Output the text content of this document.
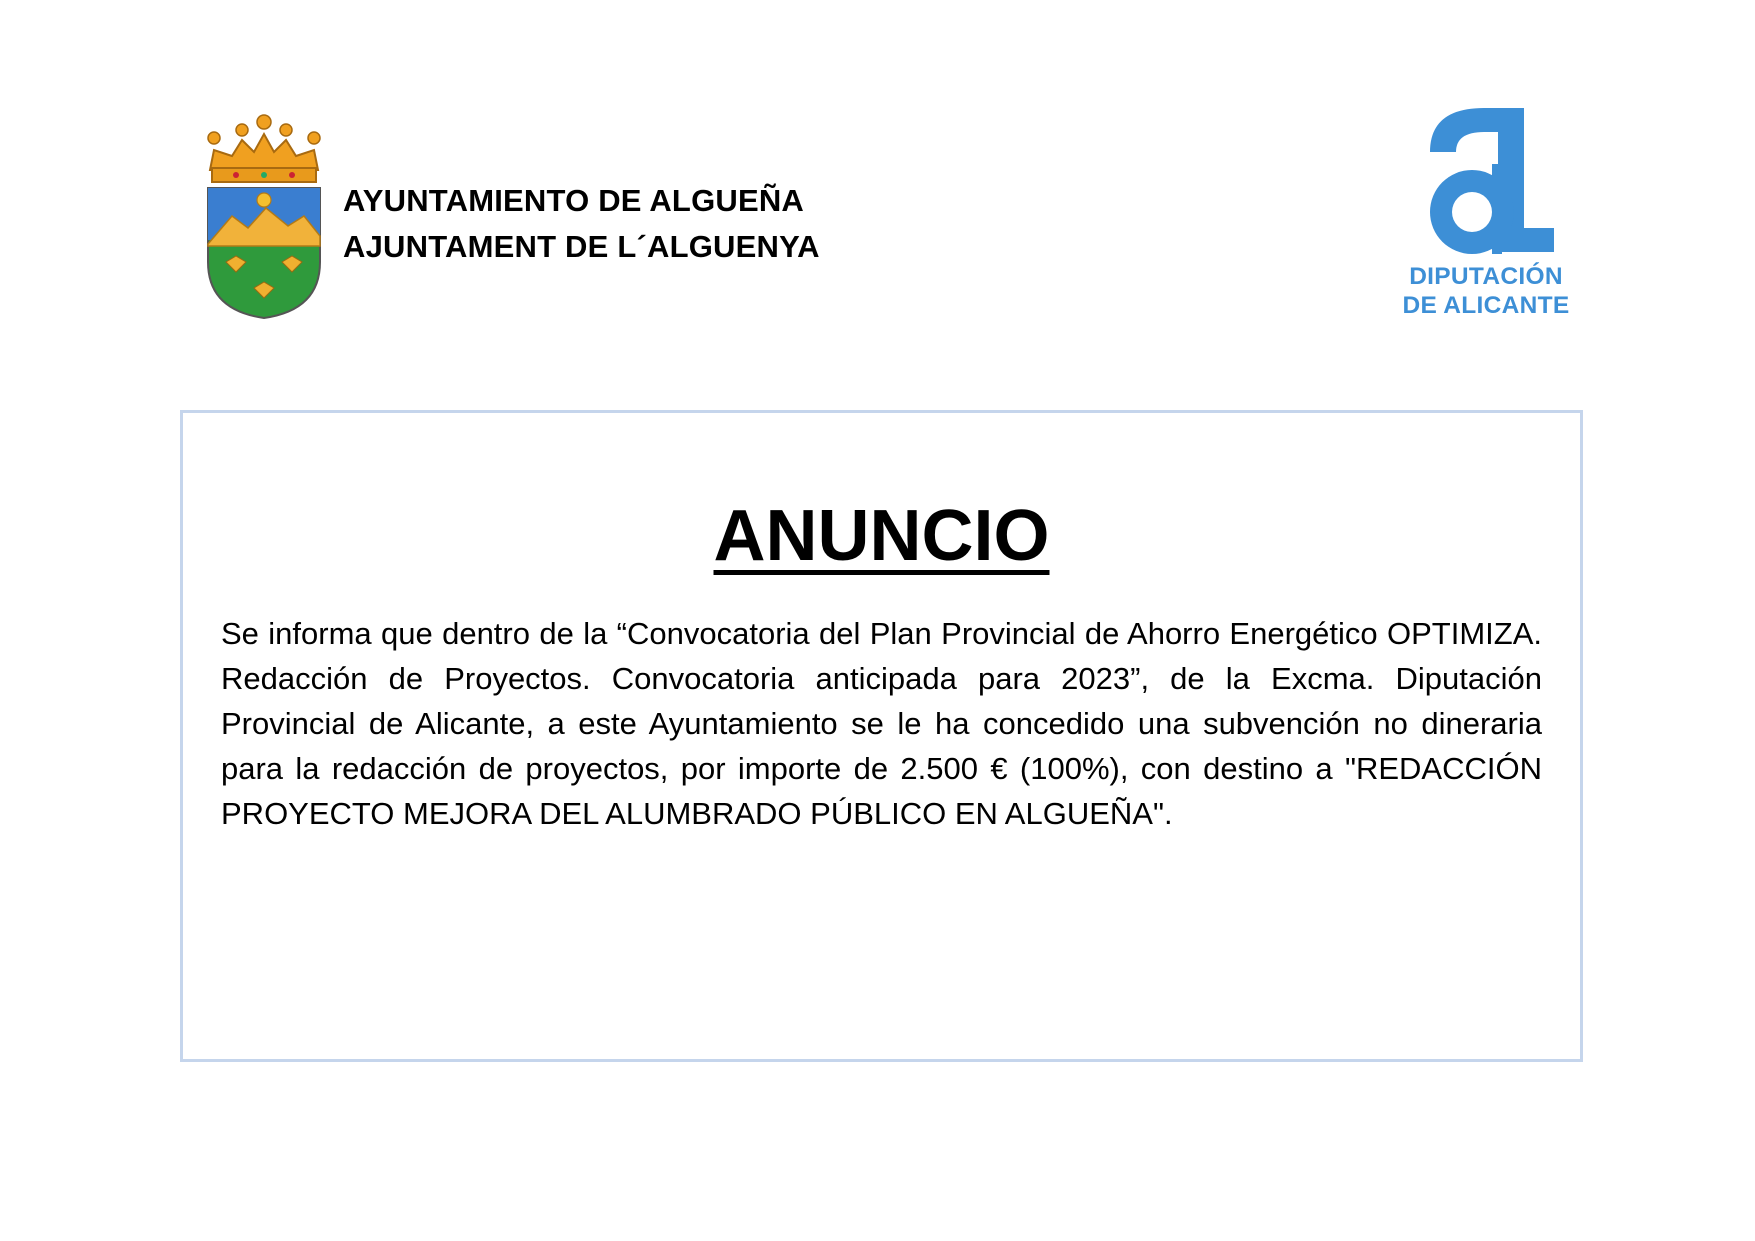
AYUNTAMIENTO DE ALGUEÑA
AJUNTAMENT DE L´ALGUENYA
DIPUTACIÓN
DE ALICANTE
ANUNCIO

Se informa que dentro de la “Convocatoria del Plan Provincial de Ahorro Energético OPTIMIZA. Redacción de Proyectos. Convocatoria anticipada para 2023”, de la Excma. Diputación Provincial de Alicante, a este Ayuntamiento se le ha concedido una subvención no dineraria para la redacción de proyectos, por importe de 2.500 € (100%), con destino a "REDACCIÓN PROYECTO MEJORA DEL ALUMBRADO PÚBLICO EN ALGUEÑA".
